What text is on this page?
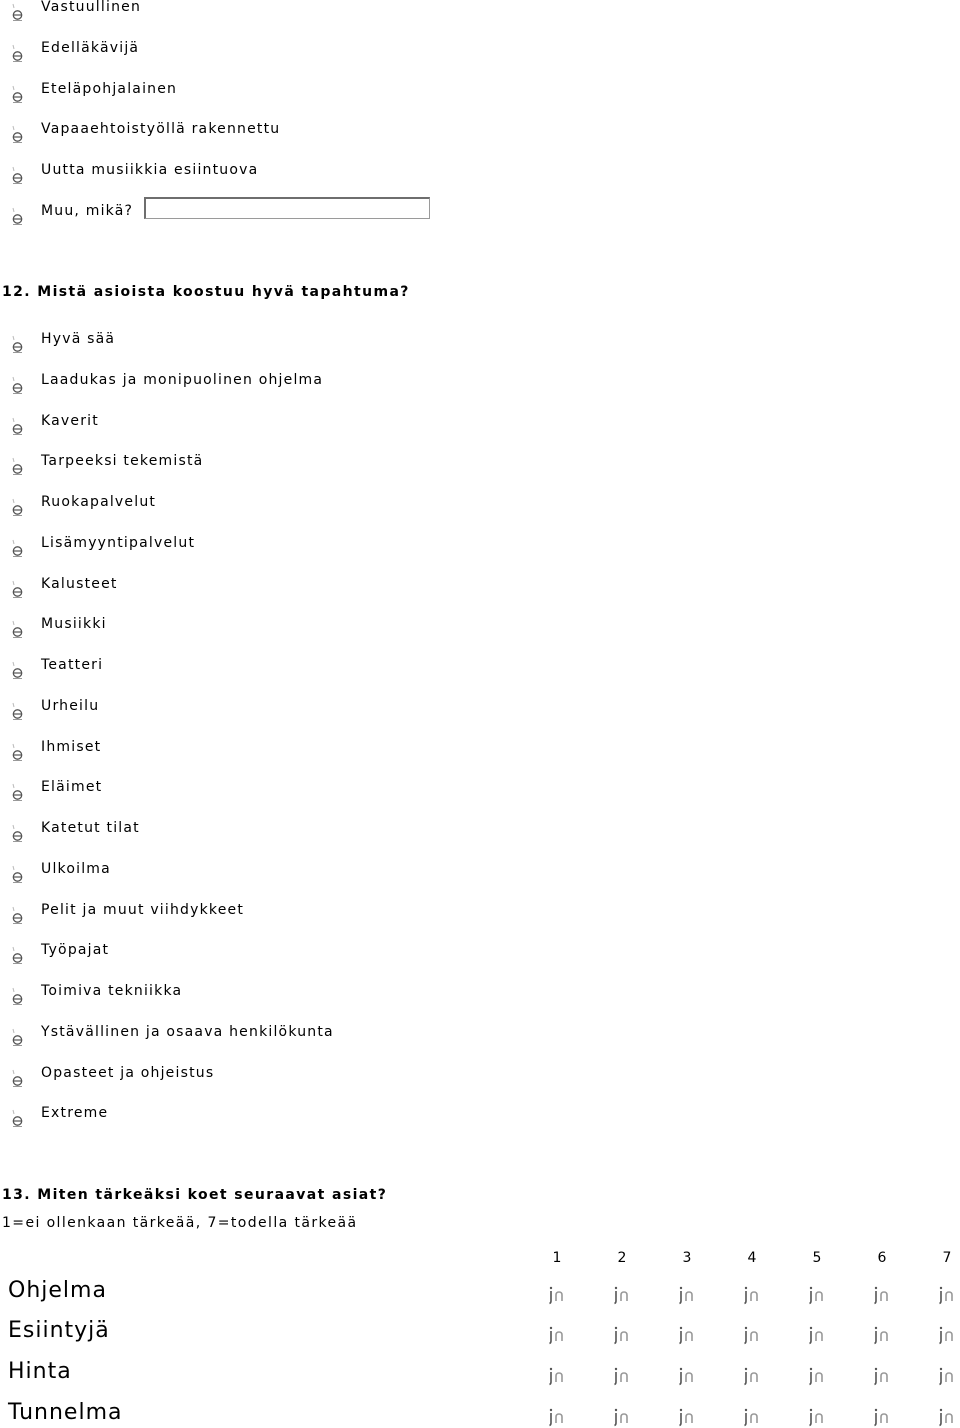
Vastuullinen
Edelläkävijä
Eteläpohjalainen
Vapaaehtoistyöllä rakennettu
Uutta musiikkia esiintuova
Muu, mikä?
12. Mistä asioista koostuu hyvä tapahtuma?
Hyvä sää
Laadukas ja monipuolinen ohjelma
Kaverit
Tarpeeksi tekemistä
Ruokapalvelut
Lisämyyntipalvelut
Kalusteet
Musiikki
Teatteri
Urheilu
Ihmiset
Eläimet
Katetut tilat
Ulkoilma
Pelit ja muut viihdykkeet
Työpajat
Toimiva tekniikka
Ystävällinen ja osaava henkilökunta
Opasteet ja ohjeistus
Extreme
13. Miten tärkeäksi koet seuraavat asiat?
1=ei ollenkaan tärkeää, 7=todella tärkeää
1	2	3	4	5	6	7
Ohjelma
Esiintyjä
Hinta
Tunnelma
